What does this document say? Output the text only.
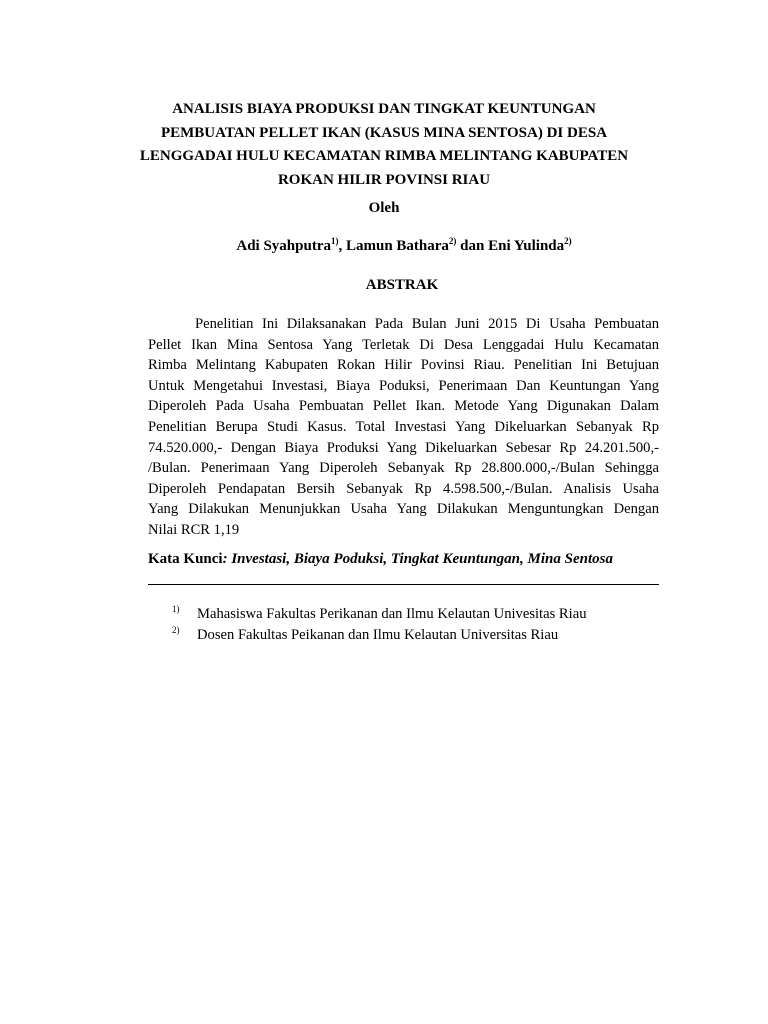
ANALISIS BIAYA PRODUKSI DAN TINGKAT KEUNTUNGAN
PEMBUATAN PELLET IKAN (KASUS MINA SENTOSA) DI DESA
LENGGADAI HULU KECAMATAN RIMBA MELINTANG KABUPATEN
ROKAN HILIR POVINSI RIAU
Oleh
Adi Syahputra$^{1)}$, Lamun Bathara$^{2)}$ dan Eni Yulinda$^{2)}$
ABSTRAK
Penelitian Ini Dilaksanakan Pada Bulan Juni 2015 Di Usaha Pembuatan
Pellet Ikan Mina Sentosa Yang Terletak Di Desa Lenggadai Hulu Kecamatan
Rimba Melintang Kabupaten Rokan Hilir Povinsi Riau. Penelitian Ini Betujuan
Untuk Mengetahui Investasi, Biaya Poduksi, Penerimaan Dan Keuntungan Yang
Diperoleh Pada Usaha Pembuatan Pellet Ikan. Metode Yang Digunakan Dalam
Penelitian Berupa Studi Kasus. Total Investasi Yang Dikeluarkan Sebanyak Rp
74.520.000,- Dengan Biaya Produksi Yang Dikeluarkan Sebesar Rp 24.201.500,-
/Bulan. Penerimaan Yang Diperoleh Sebanyak Rp 28.800.000,-/Bulan Sehingga
Diperoleh Pendapatan Bersih Sebanyak Rp 4.598.500,-/Bulan. Analisis Usaha
Yang Dilakukan Menunjukkan Usaha Yang Dilakukan Menguntungkan Dengan
Nilai RCR 1,19
Kata Kunci: Investasi, Biaya Poduksi, Tingkat Keuntungan, Mina Sentosa
1) Mahasiswa Fakultas Perikanan dan Ilmu Kelautan Univesitas Riau
2) Dosen Fakultas Peikanan dan Ilmu Kelautan Universitas Riau
